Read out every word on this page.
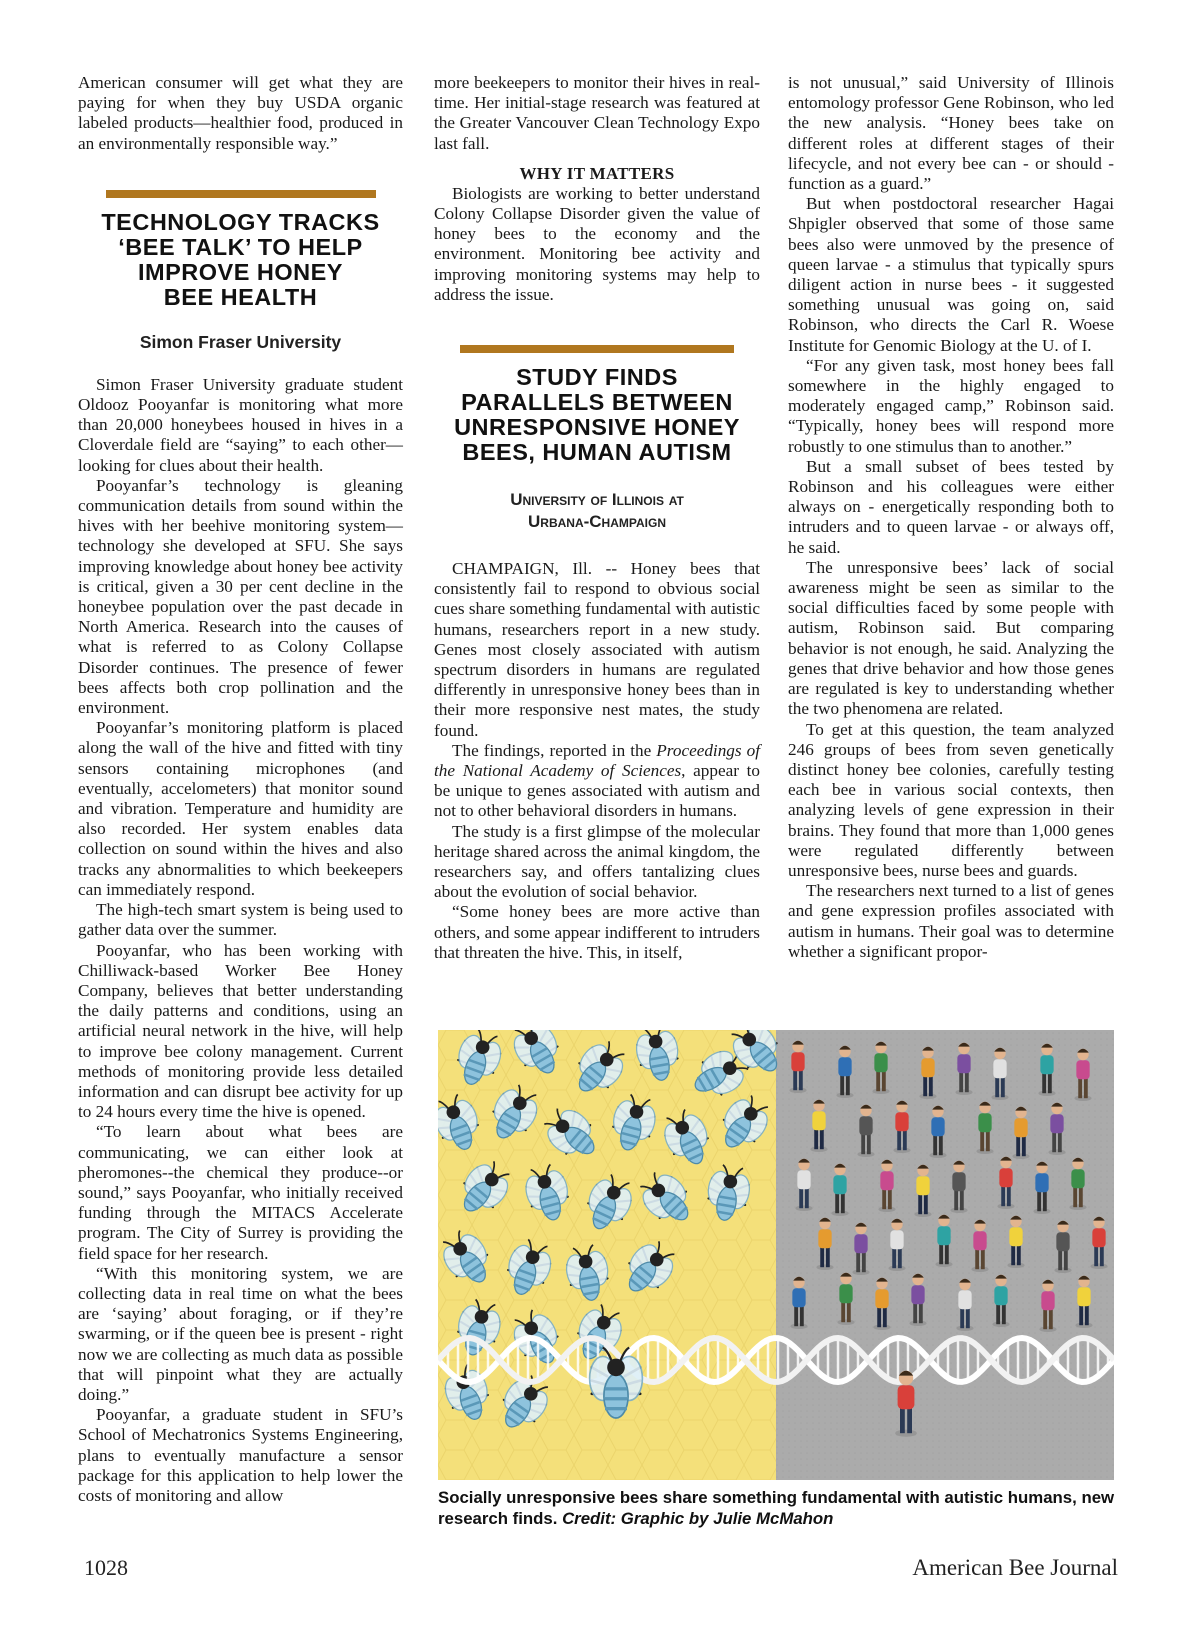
American consumer will get what they are paying for when they buy USDA organic labeled products—healthier food, produced in an environmentally responsible way.”

TECHNOLOGY TRACKS
‘BEE TALK’ TO HELP
IMPROVE HONEY
BEE HEALTH
Simon Fraser University

Simon Fraser University graduate student Oldooz Pooyanfar is monitoring what more than 20,000 honeybees housed in hives in a Cloverdale field are “saying” to each other—looking for clues about their health.

Pooyanfar’s technology is gleaning communication details from sound within the hives with her beehive monitoring system—technology she developed at SFU. She says improving knowledge about honey bee activity is critical, given a 30 per cent decline in the honeybee population over the past decade in North America. Research into the causes of what is referred to as Colony Collapse Disorder continues. The presence of fewer bees affects both crop pollination and the environment.

Pooyanfar’s monitoring platform is placed along the wall of the hive and fitted with tiny sensors containing microphones (and eventually, accelometers) that monitor sound and vibration. Temperature and humidity are also recorded. Her system enables data collection on sound within the hives and also tracks any abnormalities to which beekeepers can immediately respond.

The high-tech smart system is being used to gather data over the summer.

Pooyanfar, who has been working with Chilliwack-based Worker Bee Honey Company, believes that better understanding the daily patterns and conditions, using an artificial neural network in the hive, will help to improve bee colony management. Current methods of monitoring provide less detailed information and can disrupt bee activity for up to 24 hours every time the hive is opened.

“To learn about what bees are communicating, we can either look at pheromones--the chemical they produce--or sound,” says Pooyanfar, who initially received funding through the MITACS Accelerate program. The City of Surrey is providing the field space for her research.

“With this monitoring system, we are collecting data in real time on what the bees are ‘saying’ about foraging, or if they’re swarming, or if the queen bee is present - right now we are collecting as much data as possible that will pinpoint what they are actually doing.”

Pooyanfar, a graduate student in SFU’s School of Mechatronics Systems Engineering, plans to eventually manufacture a sensor package for this application to help lower the costs of monitoring and allow

more beekeepers to monitor their hives in real-time. Her initial-stage research was featured at the Greater Vancouver Clean Technology Expo last fall.

WHY IT MATTERS

Biologists are working to better understand Colony Collapse Disorder given the value of honey bees to the economy and the environment. Monitoring bee activity and improving monitoring systems may help to address the issue.

STUDY FINDS
PARALLELS BETWEEN
UNRESPONSIVE HONEY
BEES, HUMAN AUTISM
University of Illinois at
Urbana-Champaign

CHAMPAIGN, Ill. -- Honey bees that consistently fail to respond to obvious social cues share something fundamental with autistic humans, researchers report in a new study. Genes most closely associated with autism spectrum disorders in humans are regulated differently in unresponsive honey bees than in their more responsive nest mates, the study found.

The findings, reported in the Proceedings of the National Academy of Sciences, appear to be unique to genes associated with autism and not to other behavioral disorders in humans.

The study is a first glimpse of the molecular heritage shared across the animal kingdom, the researchers say, and offers tantalizing clues about the evolution of social behavior.

“Some honey bees are more active than others, and some appear indifferent to intruders that threaten the hive. This, in itself,

is not unusual,” said University of Illinois entomology professor Gene Robinson, who led the new analysis. “Honey bees take on different roles at different stages of their lifecycle, and not every bee can - or should - function as a guard.”

But when postdoctoral researcher Hagai Shpigler observed that some of those same bees also were unmoved by the presence of queen larvae - a stimulus that typically spurs diligent action in nurse bees - it suggested something unusual was going on, said Robinson, who directs the Carl R. Woese Institute for Genomic Biology at the U. of I.

“For any given task, most honey bees fall somewhere in the highly engaged to moderately engaged camp,” Robinson said. “Typically, honey bees will respond more robustly to one stimulus than to another.”

But a small subset of bees tested by Robinson and his colleagues were either always on - energetically responding both to intruders and to queen larvae - or always off, he said.

The unresponsive bees’ lack of social awareness might be seen as similar to the social difficulties faced by some people with autism, Robinson said. But comparing behavior is not enough, he said. Analyzing the genes that drive behavior and how those genes are regulated is key to understanding whether the two phenomena are related.

To get at this question, the team analyzed 246 groups of bees from seven genetically distinct honey bee colonies, carefully testing each bee in various social contexts, then analyzing levels of gene expression in their brains. They found that more than 1,000 genes were regulated differently between unresponsive bees, nurse bees and guards.

The researchers next turned to a list of genes and gene expression profiles associated with autism in humans. Their goal was to determine whether a significant propor-

Socially unresponsive bees share something fundamental with autistic humans, new research finds. Credit: Graphic by Julie McMahon
1028	American Bee Journal
